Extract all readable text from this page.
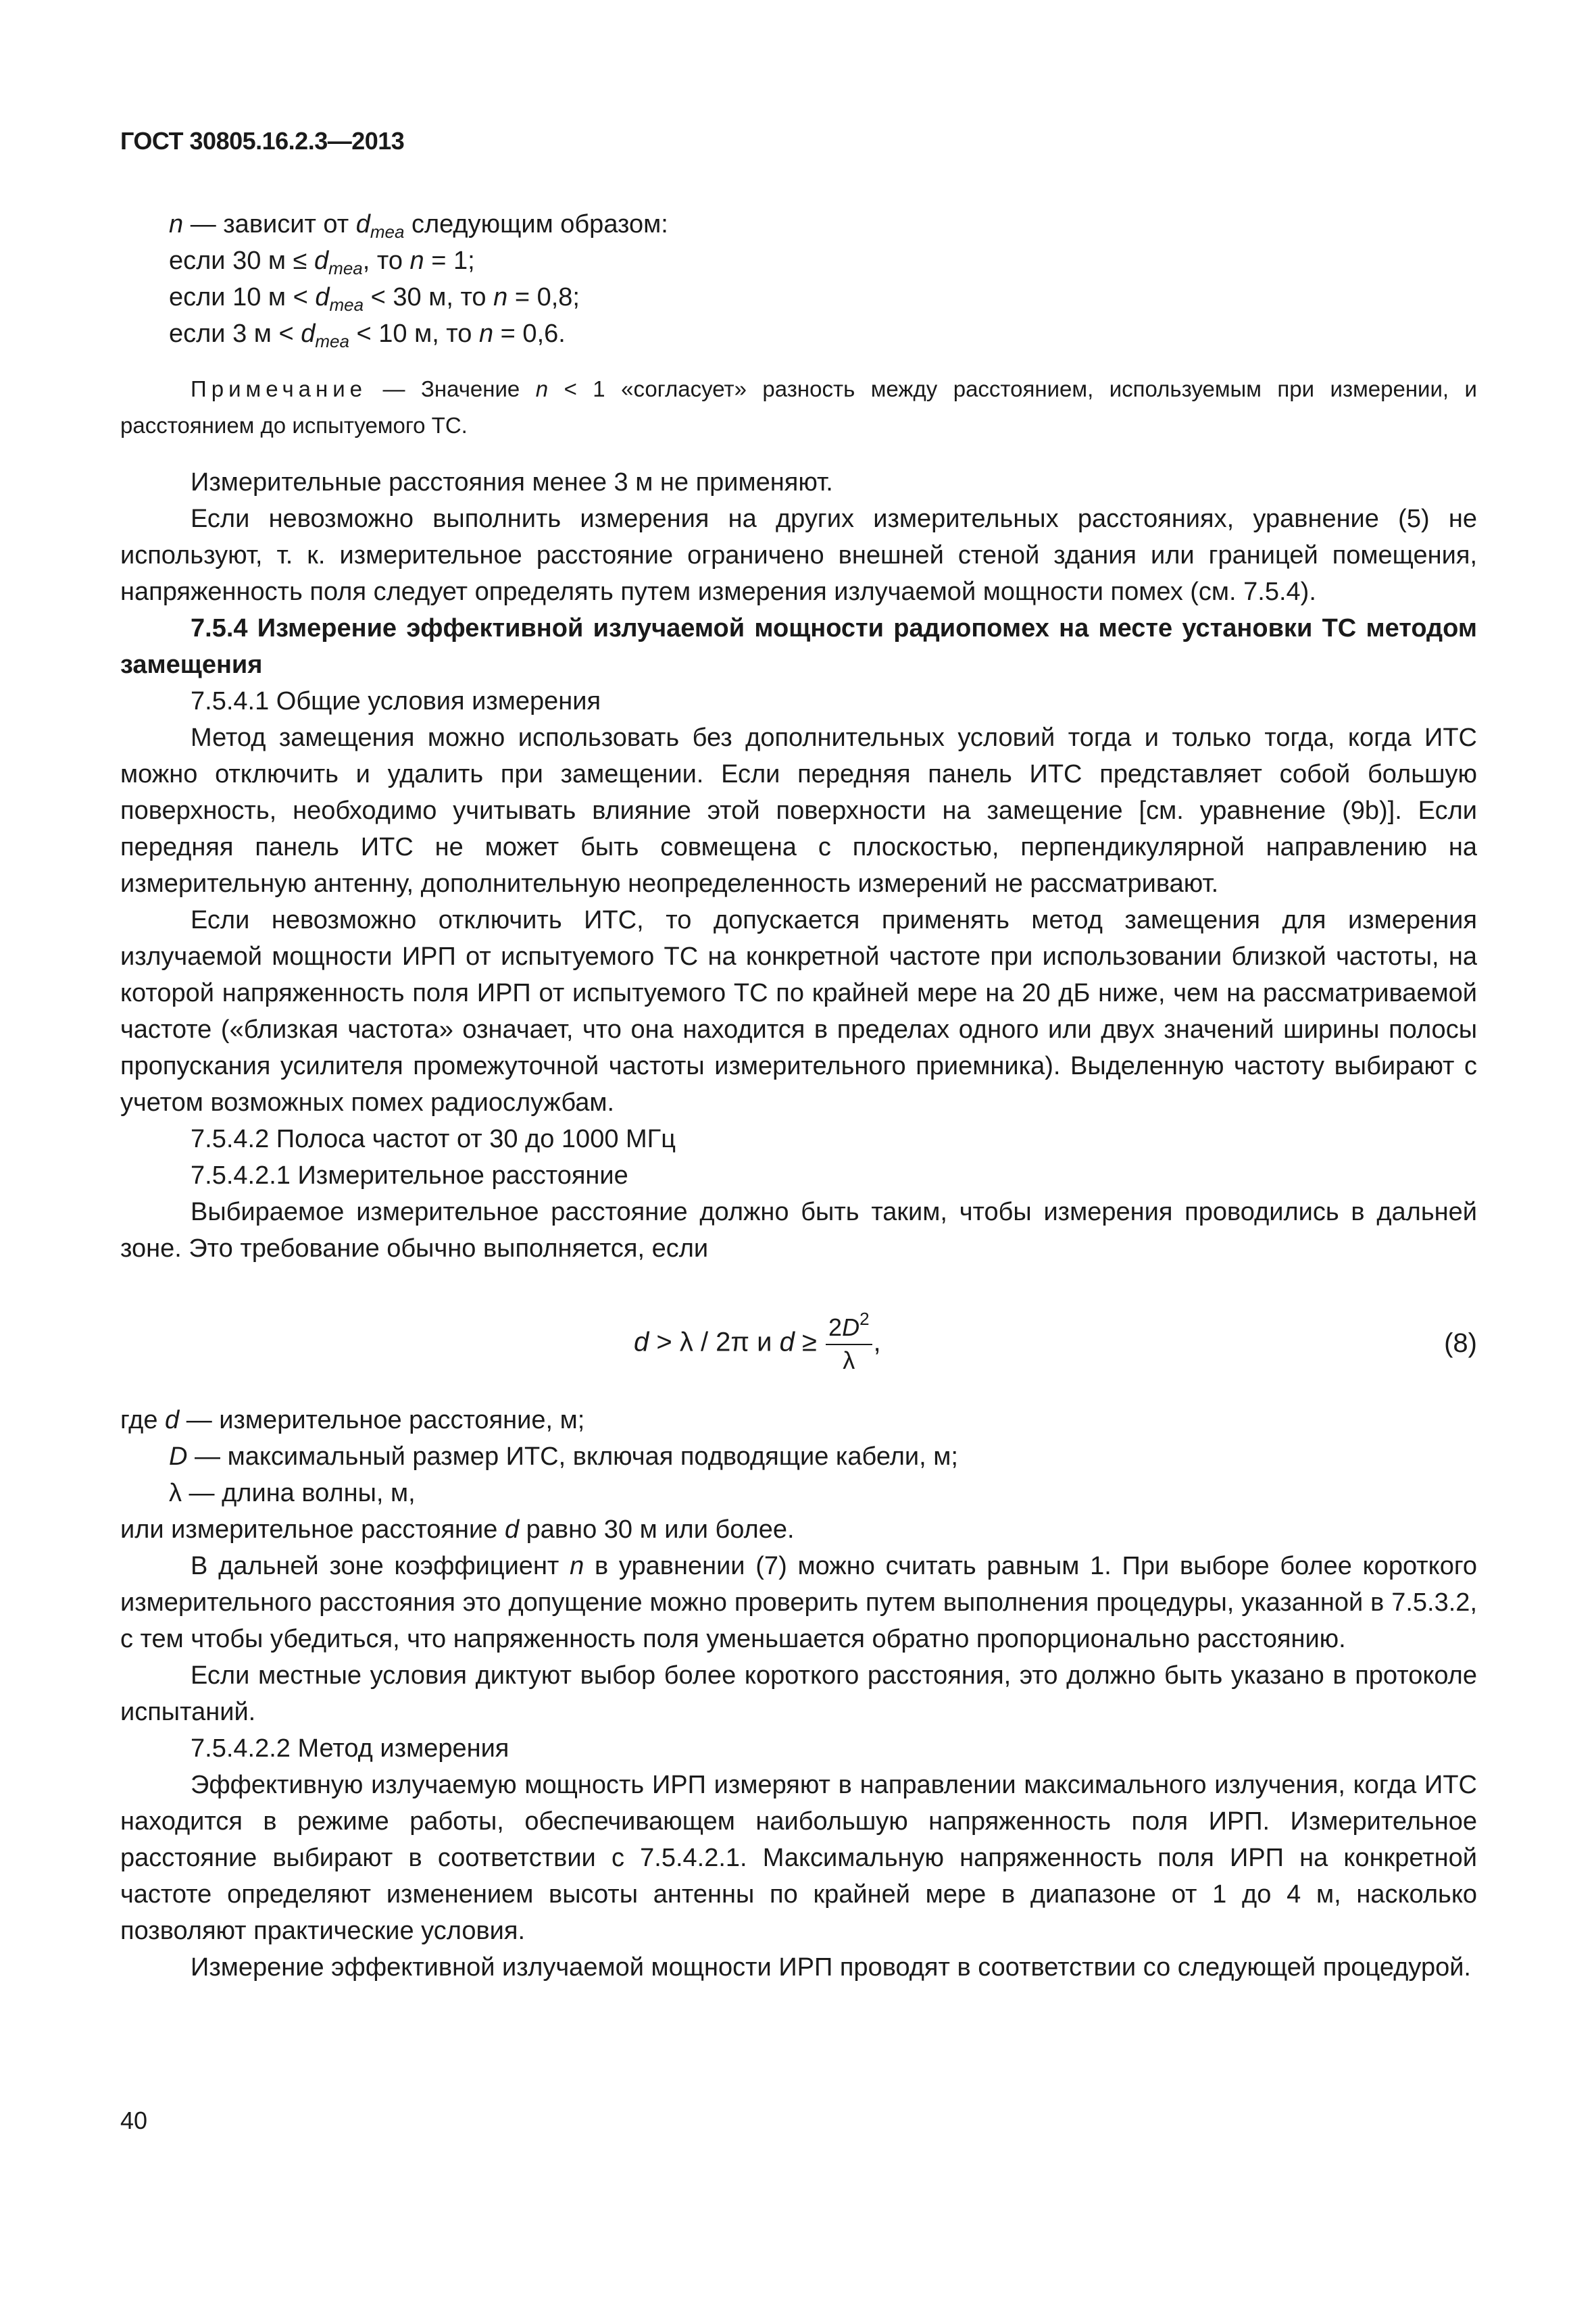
ГОСТ 30805.16.2.3—2013
n — зависит от $d_{mea}$ следующим образом:
если 30 $м \le d_{mea}$, то n = 1;
если 10 $м < d_{mea} < 30$ м, то n = 0,8;
если 3 $м < d_{mea} < 10$ м, то n = 0,6.

Примечание — Значение n < 1 «согласует» разность между расстоянием, используемым при измерении, и расстоянием до испытуемого ТС.

Измерительные расстояния менее 3 м не применяют.

Если невозможно выполнить измерения на других измерительных расстояниях, уравнение (5) не используют, т. к. измерительное расстояние ограничено внешней стеной здания или границей помещения, напряженность поля следует определять путем измерения излучаемой мощности помех (см. 7.5.4).

7.5.4 Измерение эффективной излучаемой мощности радиопомех на месте установки ТС методом замещения

7.5.4.1 Общие условия измерения

Метод замещения можно использовать без дополнительных условий тогда и только тогда, когда ИТС можно отключить и удалить при замещении. Если передняя панель ИТС представляет собой большую поверхность, необходимо учитывать влияние этой поверхности на замещение [см. уравнение (9b)]. Если передняя панель ИТС не может быть совмещена с плоскостью, перпендикулярной направлению на измерительную антенну, дополнительную неопределенность измерений не рассматривают.

Если невозможно отключить ИТС, то допускается применять метод замещения для измерения излучаемой мощности ИРП от испытуемого ТС на конкретной частоте при использовании близкой частоты, на которой напряженность поля ИРП от испытуемого ТС по крайней мере на 20 дБ ниже, чем на рассматриваемой частоте («близкая частота» означает, что она находится в пределах одного или двух значений ширины полосы пропускания усилителя промежуточной частоты измерительного приемника). Выделенную частоту выбирают с учетом возможных помех радиослужбам.

7.5.4.2 Полоса частот от 30 до 1000 МГц

7.5.4.2.1 Измерительное расстояние

Выбираемое измерительное расстояние должно быть таким, чтобы измерения проводились в дальней зоне. Это требование обычно выполняется, если

d > λ / 2π и $d \ge \frac{2D^2}{\lambda}$ ,	(8)
где d — измерительное расстояние, м;
D — максимальный размер ИТС, включая подводящие кабели, м;
λ — длина волны, м,

или измерительное расстояние d равно 30 м или более.

В дальней зоне коэффициент n в уравнении (7) можно считать равным 1. При выборе более короткого измерительного расстояния это допущение можно проверить путем выполнения процедуры, указанной в 7.5.3.2, с тем чтобы убедиться, что напряженность поля уменьшается обратно пропорционально расстоянию.

Если местные условия диктуют выбор более короткого расстояния, это должно быть указано в протоколе испытаний.

7.5.4.2.2 Метод измерения

Эффективную излучаемую мощность ИРП измеряют в направлении максимального излучения, когда ИТС находится в режиме работы, обеспечивающем наибольшую напряженность поля ИРП. Измерительное расстояние выбирают в соответствии с 7.5.4.2.1. Максимальную напряженность поля ИРП на конкретной частоте определяют изменением высоты антенны по крайней мере в диапазоне от 1 до 4 м, насколько позволяют практические условия.

Измерение эффективной излучаемой мощности ИРП проводят в соответствии со следующей процедурой.

40
